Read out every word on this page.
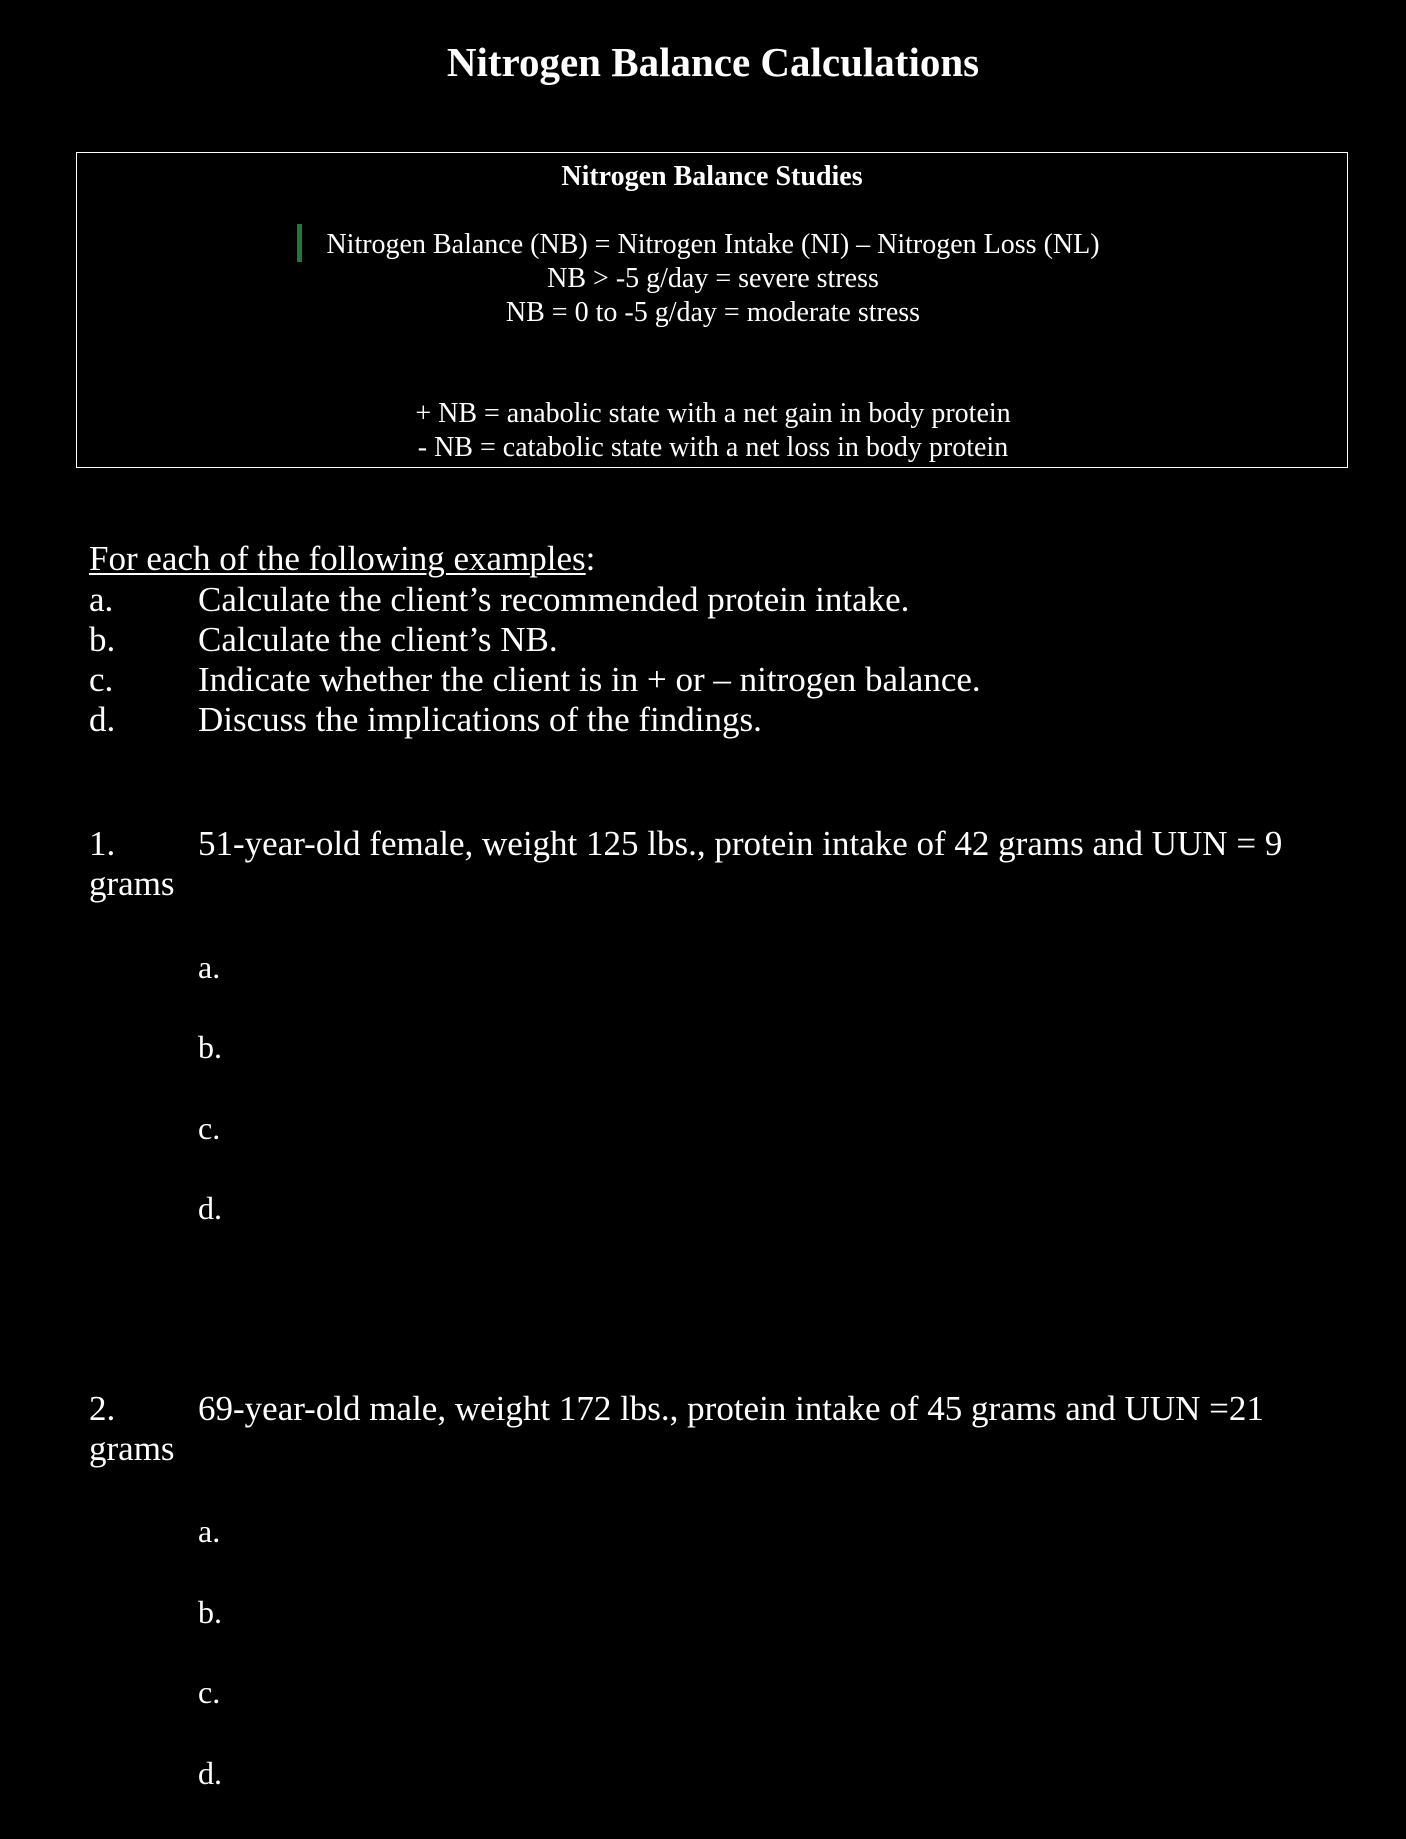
Nitrogen Balance Calculations
Nitrogen Balance Studies
Nitrogen Balance (NB) = Nitrogen Intake (NI) – Nitrogen Loss (NL)
NB > -5 g/day = severe stress
NB = 0 to -5 g/day = moderate stress
+ NB = anabolic state with a net gain in body protein
- NB = catabolic state with a net loss in body protein
For each of the following examples:
a. Calculate the client’s recommended protein intake.
b. Calculate the client’s NB.
c. Indicate whether the client is in + or – nitrogen balance.
d. Discuss the implications of the findings.
1. 51-year-old female, weight 125 lbs., protein intake of 42 grams and UUN = 9
grams
a.
b.
c.
d.
2. 69-year-old male, weight 172 lbs., protein intake of 45 grams and UUN =21
grams
a.
b.
c.
d.
